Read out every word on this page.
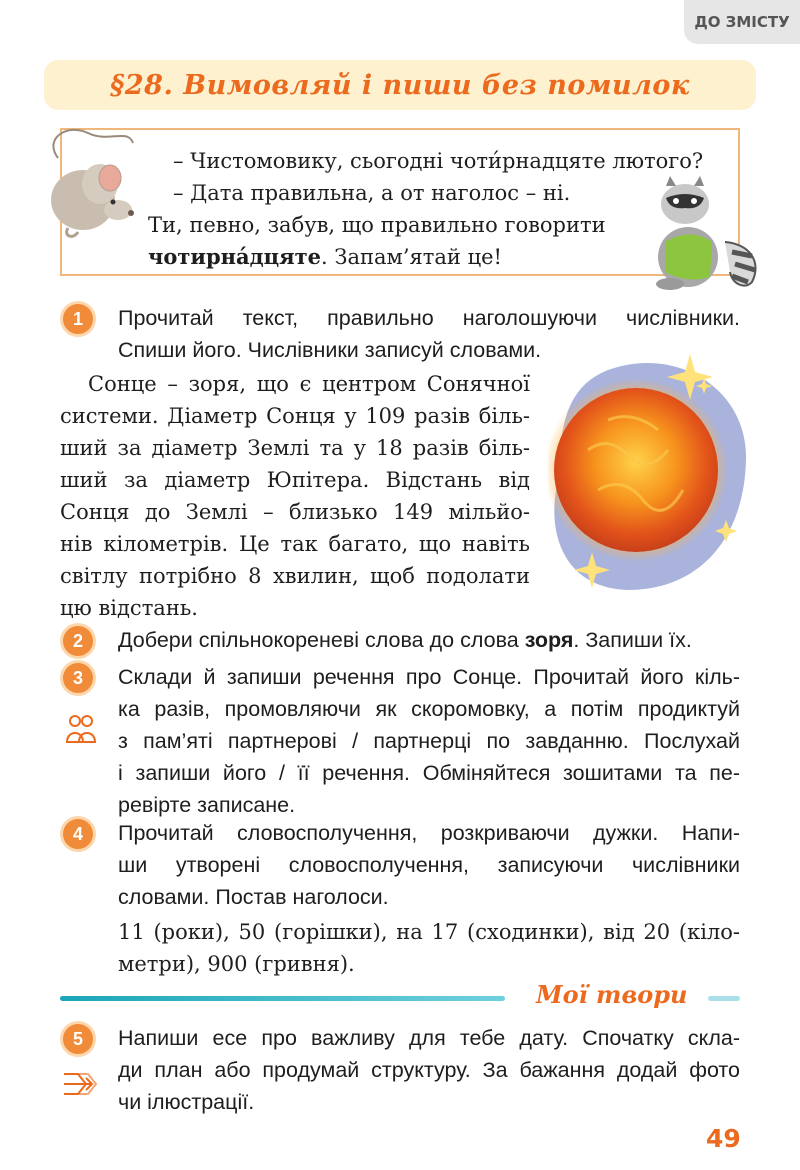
ДО ЗМІСТУ
§28. Вимовляй і пиши без помилок
– Чистомовику, сьогодні чоти́рнадцяте лютого?
– Дата правильна, а от наголос – ні.
Ти, певно, забув, що правильно говорити
чотирна́дцяте. Запам’ятай це!
1	Прочитай текст, правильно наголошуючи числівники.
Спиши його. Числівники записуй словами.
Сонце – зоря, що є центром Сонячної
системи. Діаметр Сонця у 109 разів біль-
ший за діаметр Землі та у 18 разів біль-
ший за діаметр Юпітера. Відстань від
Сонця до Землі – близько 149 мільйо-
нів кілометрів. Це так багато, що навіть
світлу потрібно 8 хвилин, щоб подолати
цю відстань.
2	Добери спільнокореневі слова до слова зоря. Запиши їх.
3	Склади й запиши речення про Сонце. Прочитай його кіль-
ка разів, промовляючи як скоромовку, а потім продиктуй
з пам’яті партнерові / партнерці по завданню. Послухай
і запиши його / її речення. Обміняйтеся зошитами та пе-
ревірте записане.
4	Прочитай словосполучення, розкриваючи дужки. Напи-
ши утворені словосполучення, записуючи числівники
словами. Постав наголоси.
11 (роки), 50 (горішки), на 17 (сходинки), від 20 (кіло-
метри), 900 (гривня).
Мої твори
5	Напиши есе про важливу для тебе дату. Спочатку скла-
ди план або продумай структуру. За бажання додай фото
чи ілюстрації.
49
